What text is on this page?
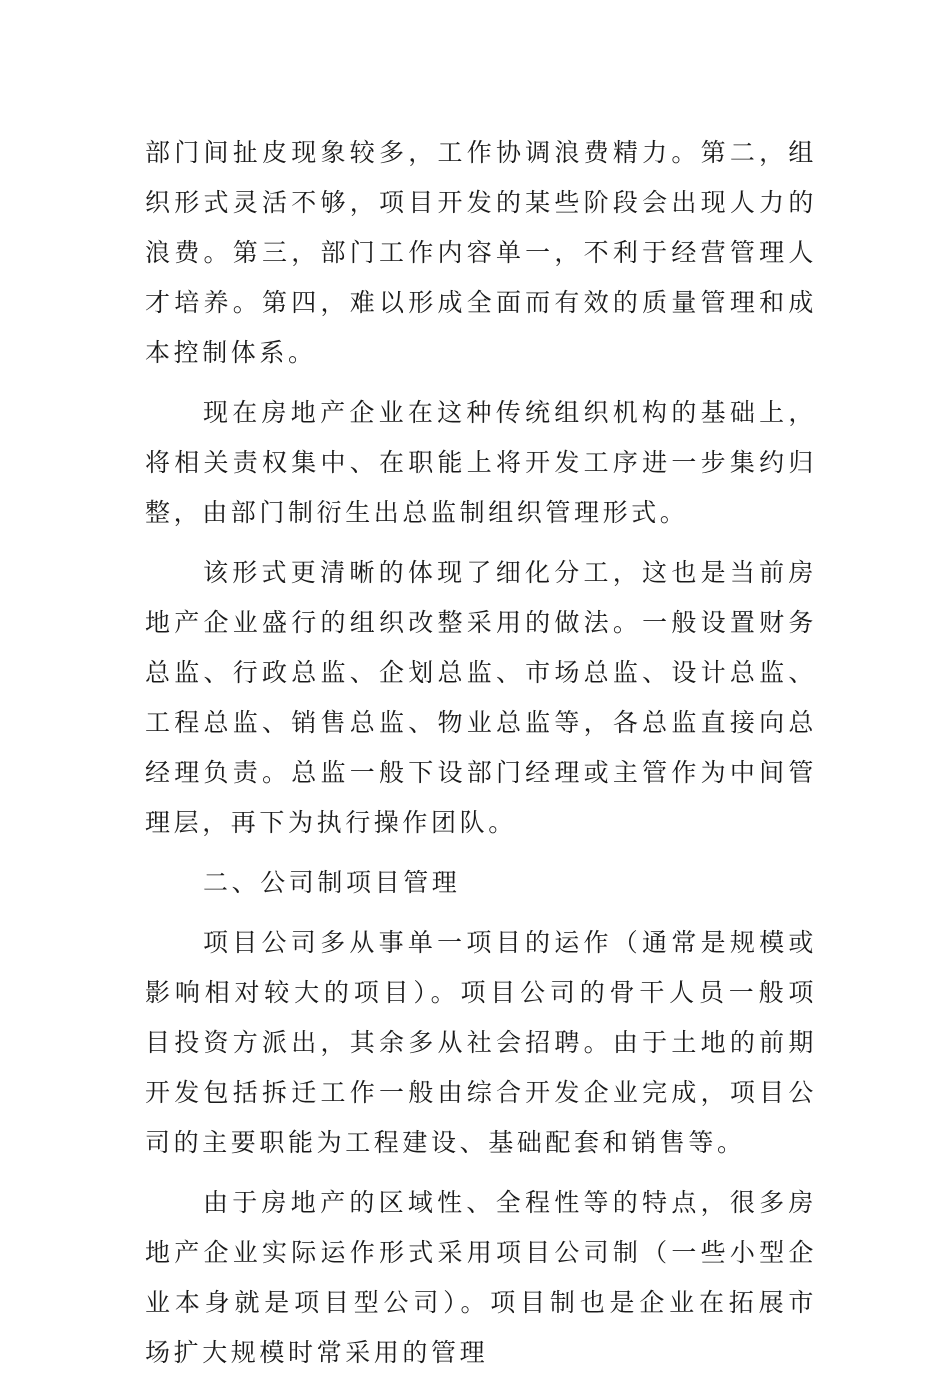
部门间扯皮现象较多，工作协调浪费精力。第二，组织形式灵活不够，项目开发的某些阶段会出现人力的浪费。第三，部门工作内容单一，不利于经营管理人才培养。第四，难以形成全面而有效的质量管理和成本控制体系。

现在房地产企业在这种传统组织机构的基础上，将相关责权集中、在职能上将开发工序进一步集约归整，由部门制衍生出总监制组织管理形式。

该形式更清晰的体现了细化分工，这也是当前房地产企业盛行的组织改整采用的做法。一般设置财务总监、行政总监、企划总监、市场总监、设计总监、工程总监、销售总监、物业总监等，各总监直接向总经理负责。总监一般下设部门经理或主管作为中间管理层，再下为执行操作团队。

二、公司制项目管理

项目公司多从事单一项目的运作（通常是规模或影响相对较大的项目）。项目公司的骨干人员一般项目投资方派出，其余多从社会招聘。由于土地的前期开发包括拆迁工作一般由综合开发企业完成，项目公司的主要职能为工程建设、基础配套和销售等。

由于房地产的区域性、全程性等的特点，很多房地产企业实际运作形式采用项目公司制（一些小型企业本身就是项目型公司）。项目制也是企业在拓展市场扩大规模时常采用的管理
